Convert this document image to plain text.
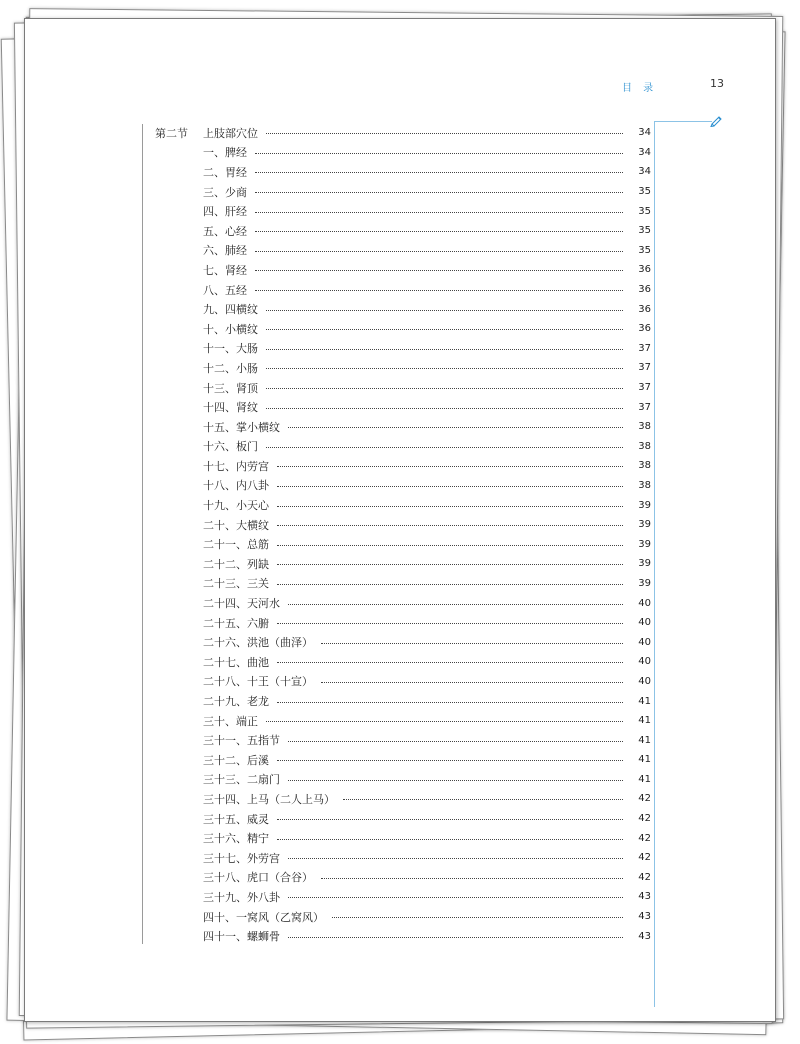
目 录	13
第二节	上肢部穴位	34
一、脾经	34
二、胃经	34
三、少商	35
四、肝经	35
五、心经	35
六、肺经	35
七、肾经	36
八、五经	36
九、四横纹	36
十、小横纹	36
十一、大肠	37
十二、小肠	37
十三、肾顶	37
十四、肾纹	37
十五、掌小横纹	38
十六、板门	38
十七、内劳宫	38
十八、内八卦	38
十九、小天心	39
二十、大横纹	39
二十一、总筋	39
二十二、列缺	39
二十三、三关	39
二十四、天河水	40
二十五、六腑	40
二十六、洪池（曲泽）	40
二十七、曲池	40
二十八、十王（十宣）	40
二十九、老龙	41
三十、端正	41
三十一、五指节	41
三十二、后溪	41
三十三、二扇门	41
三十四、上马（二人上马）	42
三十五、威灵	42
三十六、精宁	42
三十七、外劳宫	42
三十八、虎口（合谷）	42
三十九、外八卦	43
四十、一窝风（乙窝风）	43
四十一、螺蛳骨	43
